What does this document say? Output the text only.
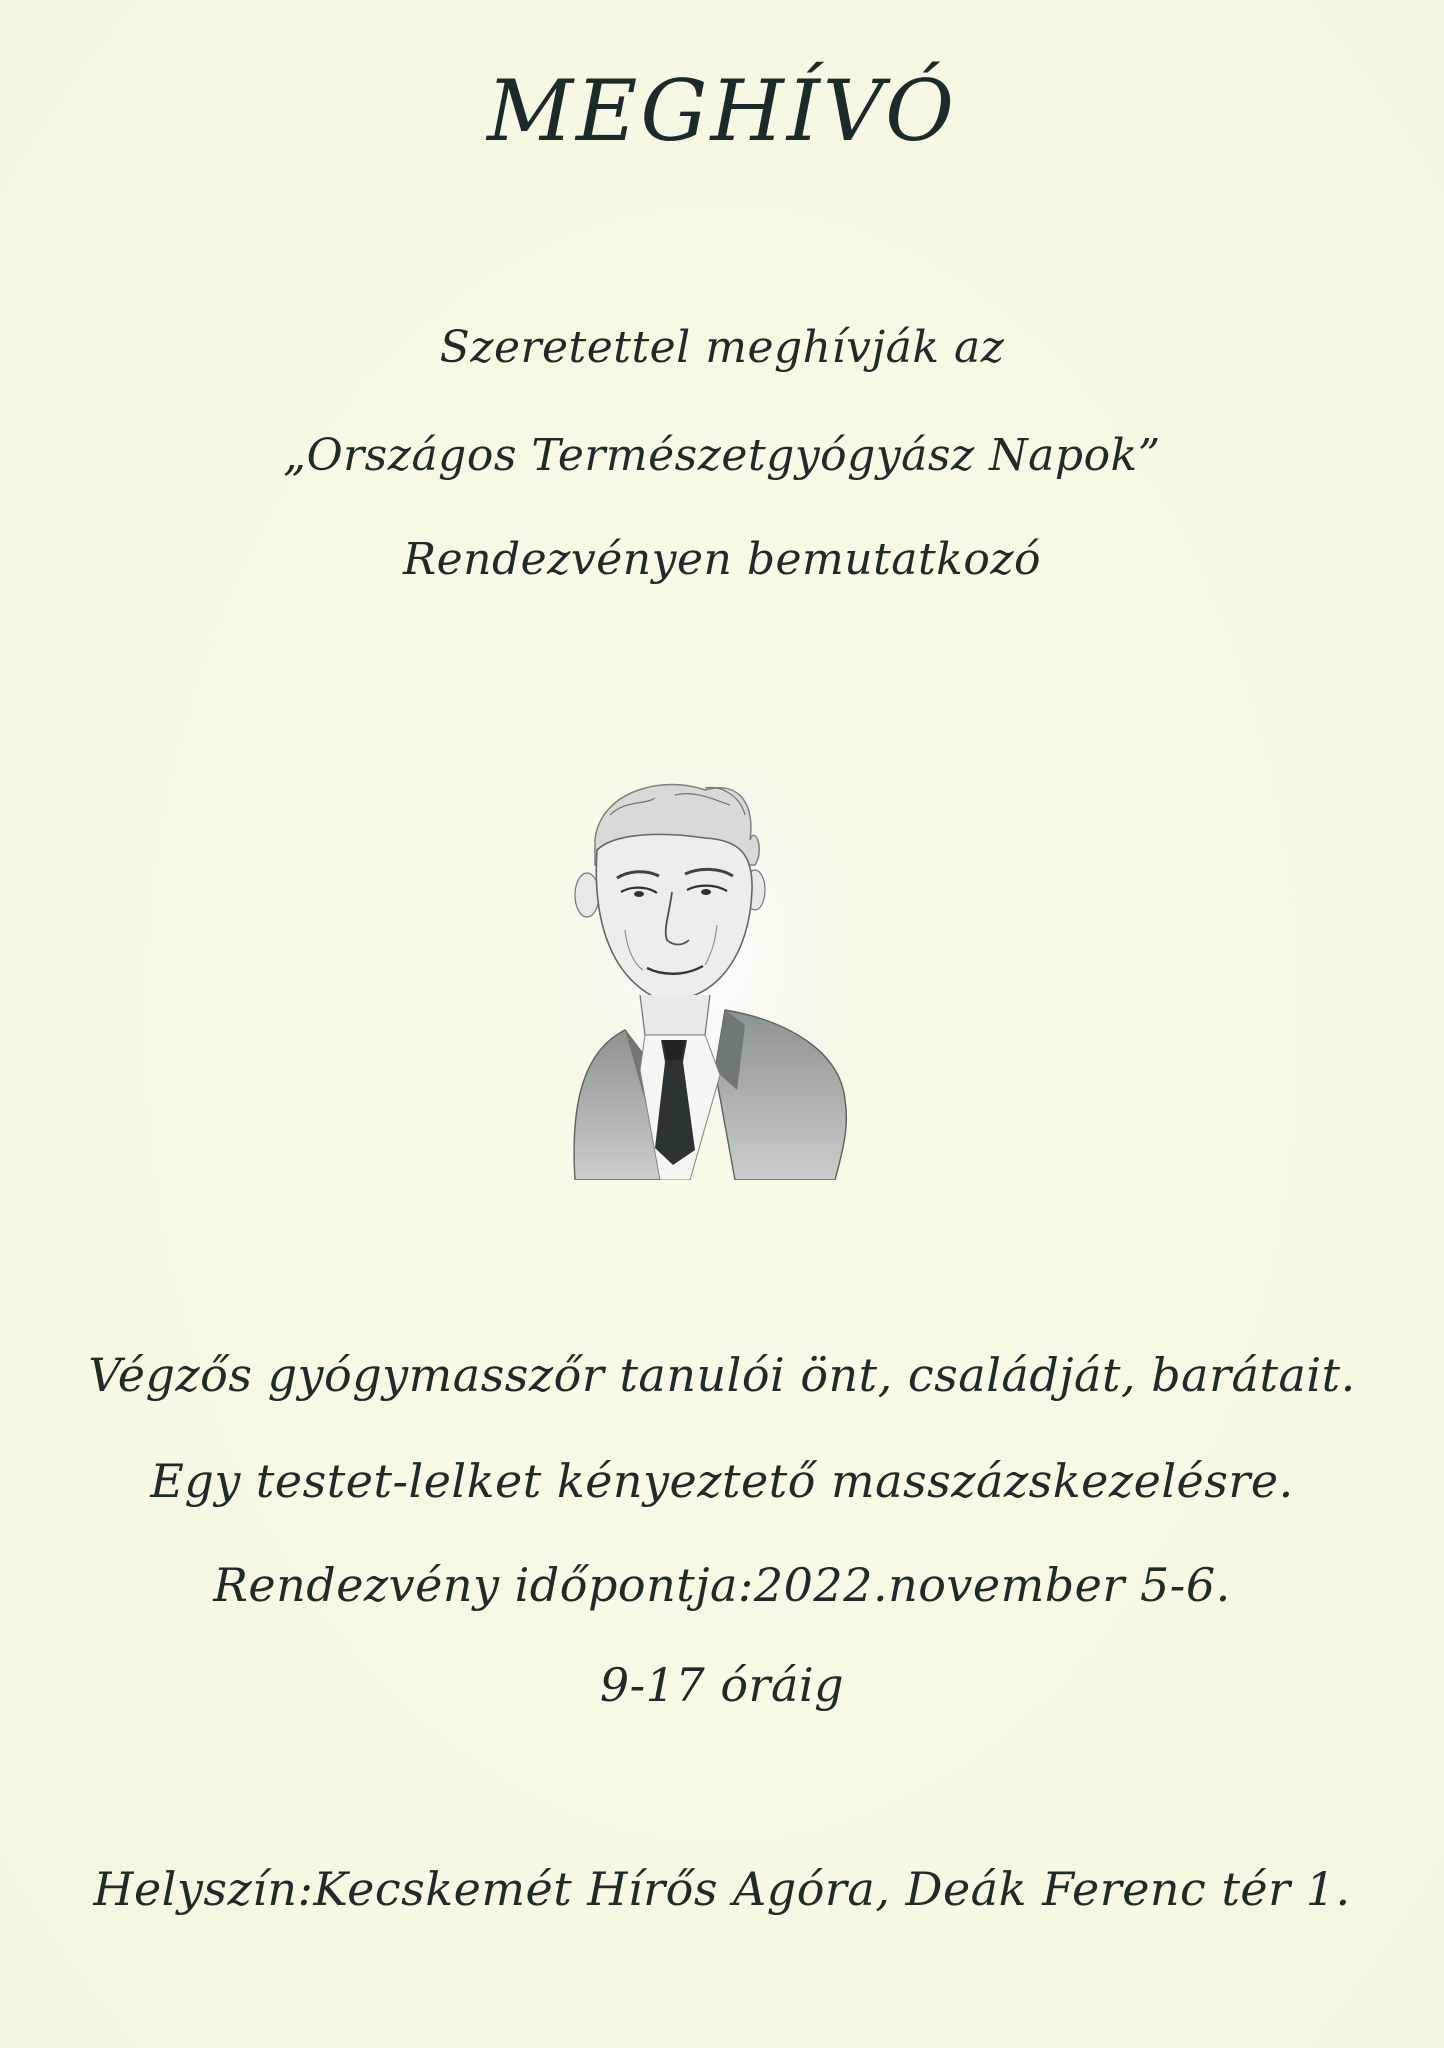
MEGHÍVÓ
Szeretettel meghívják az
„Országos Természetgyógyász Napok”
Rendezvényen bemutatkozó
Végzős gyógymasszőr tanulói önt, családját, barátait.
Egy testet-lelket kényeztető masszázskezelésre.
Rendezvény időpontja:2022.november 5-6.
9-17 óráig
Helyszín:Kecskemét Hírős Agóra, Deák Ferenc tér 1.
